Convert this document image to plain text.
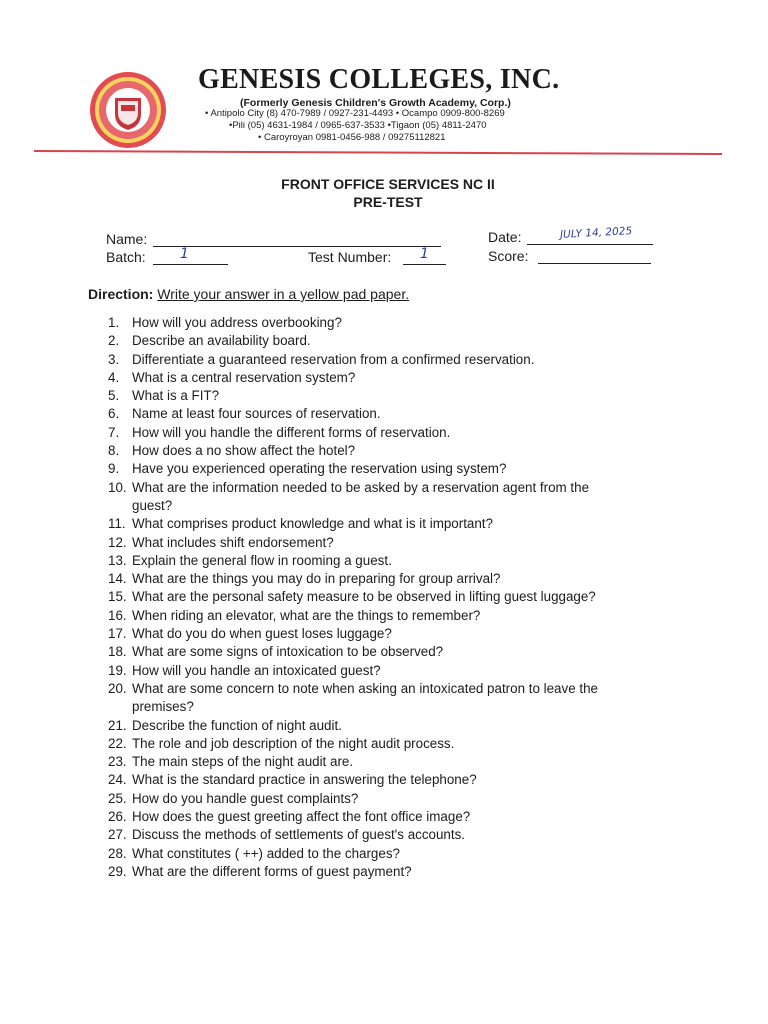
GENESIS COLLEGES, INC.
(Formerly Genesis Children's Growth Academy, Corp.)
• Antipolo City (8) 470-7989 / 0927-231-4493 • Ocampo 0909-800-8269
•Pili (05) 4631-1984 / 0965-637-3533 •Tigaon (05) 4811-2470
• Caroyroyan 0981-0456-988 / 09275112821
FRONT OFFICE SERVICES NC II
PRE-TEST
Name:
Batch: 1	Test Number: 1
Date:	JULY 14, 2025
Score:
Direction: Write your answer in a yellow pad paper.
1. How will you address overbooking?
2. Describe an availability board.
3. Differentiate a guaranteed reservation from a confirmed reservation.
4. What is a central reservation system?
5. What is a FIT?
6. Name at least four sources of reservation.
7. How will you handle the different forms of reservation.
8. How does a no show affect the hotel?
9. Have you experienced operating the reservation using system?
10. What are the information needed to be asked by a reservation agent from the
guest?
11. What comprises product knowledge and what is it important?
12. What includes shift endorsement?
13. Explain the general flow in rooming a guest.
14. What are the things you may do in preparing for group arrival?
15. What are the personal safety measure to be observed in lifting guest luggage?
16. When riding an elevator, what are the things to remember?
17. What do you do when guest loses luggage?
18. What are some signs of intoxication to be observed?
19. How will you handle an intoxicated guest?
20. What are some concern to note when asking an intoxicated patron to leave the
premises?
21. Describe the function of night audit.
22. The role and job description of the night audit process.
23. The main steps of the night audit are.
24. What is the standard practice in answering the telephone?
25. How do you handle guest complaints?
26. How does the guest greeting affect the font office image?
27. Discuss the methods of settlements of guest's accounts.
28. What constitutes ( ++) added to the charges?
29. What are the different forms of guest payment?
